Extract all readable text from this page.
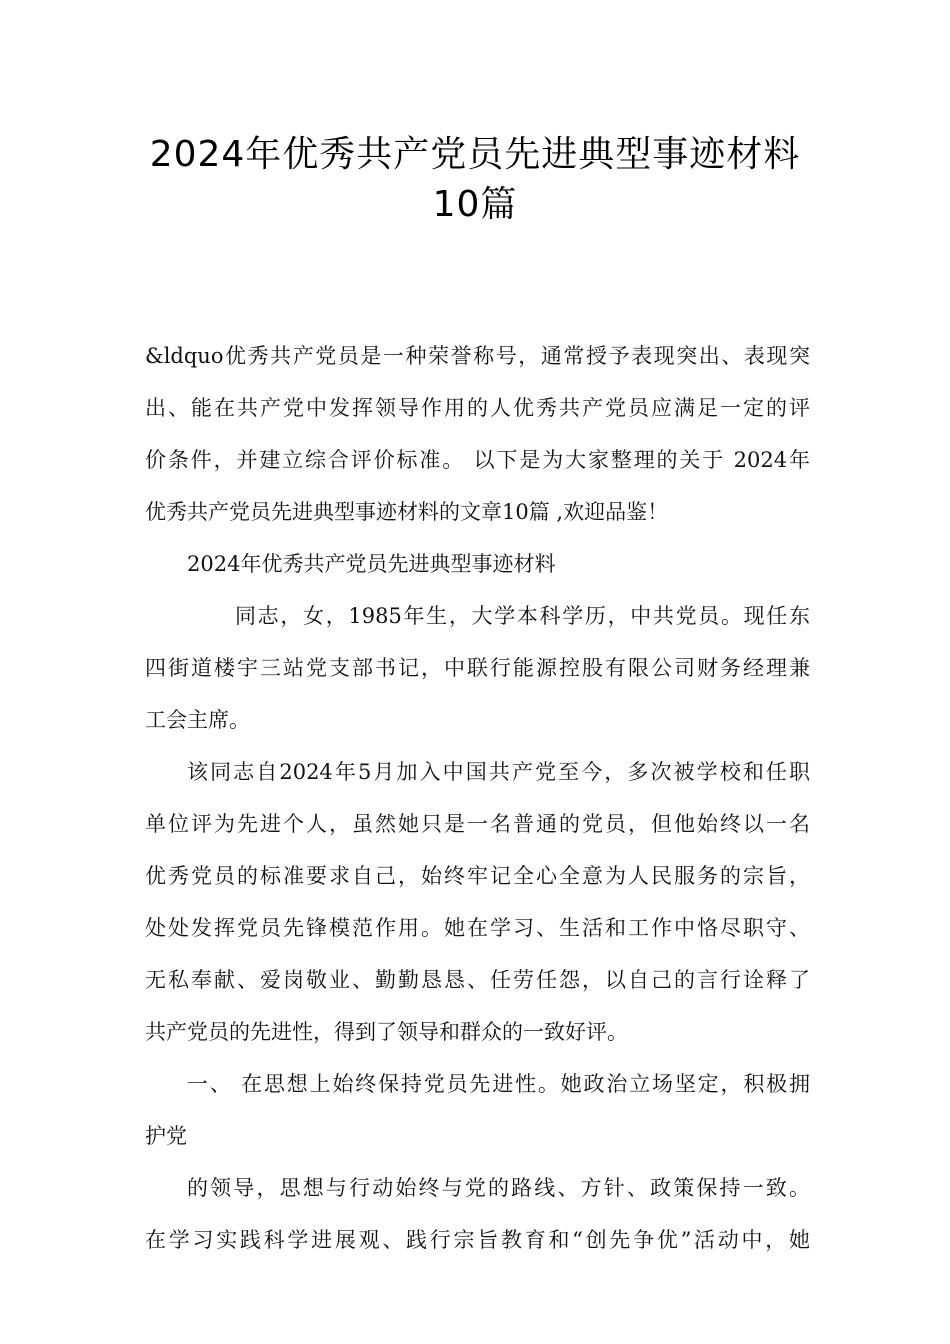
2024年优秀共产党员先进典型事迹材料
10篇
&ldquo优秀共产党员是一种荣誉称号，通常授予表现突出、表现突
出、能在共产党中发挥领导作用的人优秀共产党员应满足一定的评
价条件，并建立综合评价标准。 以下是为大家整理的关于 2024年
优秀共产党员先进典型事迹材料的文章10篇 ,欢迎品鉴！
2024年优秀共产党员先进典型事迹材料
同志，女，1985年生，大学本科学历，中共党员。现任东
四街道楼宇三站党支部书记，中联行能源控股有限公司财务经理兼
工会主席。
该同志自2024年5月加入中国共产党至今，多次被学校和任职
单位评为先进个人，虽然她只是一名普通的党员，但他始终以一名
优秀党员的标准要求自己，始终牢记全心全意为人民服务的宗旨，
处处发挥党员先锋模范作用。她在学习、生活和工作中恪尽职守、
无私奉献、爱岗敬业、勤勤恳恳、任劳任怨，以自己的言行诠释了
共产党员的先进性，得到了领导和群众的一致好评。
一、 在思想上始终保持党员先进性。她政治立场坚定，积极拥
护党
的领导，思想与行动始终与党的路线、方针、政策保持一致。
在学习实践科学进展观、践行宗旨教育和“创先争优”活动中，她
